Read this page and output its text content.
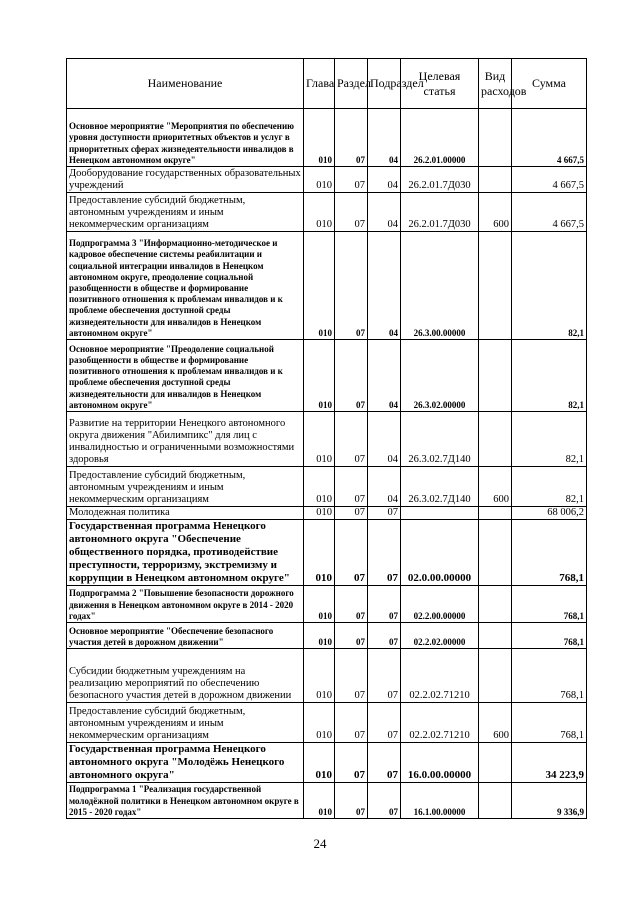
Наименование	Глава	Раздел	Подраздел	Целевая статья	Вид расходов	Сумма
Основное мероприятие "Мероприятия по обеспечению уровня доступности приоритетных объектов и услуг в приоритетных сферах жизнедеятельности инвалидов в Ненецком автономном округе"	010	07	04	26.2.01.00000		4 667,5
Дооборудование государственных образовательных учреждений	010	07	04	26.2.01.7Д030		4 667,5
Предоставление субсидий бюджетным, автономным учреждениям и иным некоммерческим организациям	010	07	04	26.2.01.7Д030	600	4 667,5
Подпрограмма 3 "Информационно-методическое и кадровое обеспечение системы реабилитации и социальной интеграции инвалидов в Ненецком автономном округе, преодоление социальной разобщенности в обществе и формирование позитивного отношения к проблемам инвалидов и к проблеме обеспечения доступной среды жизнедеятельности для инвалидов в Ненецком автономном округе"	010	07	04	26.3.00.00000		82,1
Основное мероприятие "Преодоление социальной разобщенности в обществе и формирование позитивного отношения к проблемам инвалидов и к проблеме обеспечения доступной среды жизнедеятельности для инвалидов в Ненецком автономном округе"	010	07	04	26.3.02.00000		82,1
Развитие на территории Ненецкого автономного округа движения "Абилимпикс" для лиц с инвалидностью и ограниченными возможностями здоровья	010	07	04	26.3.02.7Д140		82,1
Предоставление субсидий бюджетным, автономным учреждениям и иным некоммерческим организациям	010	07	04	26.3.02.7Д140	600	82,1
Молодежная политика	010	07	07			68 006,2
Государственная программа Ненецкого автономного округа "Обеспечение общественного порядка, противодействие преступности, терроризму, экстремизму и коррупции в Ненецком автономном округе"	010	07	07	02.0.00.00000		768,1
Подпрограмма 2 "Повышение безопасности дорожного движения в Ненецком автономном округе в 2014 - 2020 годах"	010	07	07	02.2.00.00000		768,1
Основное мероприятие "Обеспечение безопасного участия детей в дорожном движении"	010	07	07	02.2.02.00000		768,1
Субсидии бюджетным учреждениям на реализацию мероприятий по обеспечению безопасного участия детей в дорожном движении	010	07	07	02.2.02.71210		768,1
Предоставление субсидий бюджетным, автономным учреждениям и иным некоммерческим организациям	010	07	07	02.2.02.71210	600	768,1
Государственная программа Ненецкого автономного округа "Молодёжь Ненецкого автономного округа"	010	07	07	16.0.00.00000		34 223,9
Подпрограмма 1 "Реализация государственной молодёжной политики в Ненецком автономном округе в 2015 - 2020 годах"	010	07	07	16.1.00.00000		9 336,9
24
